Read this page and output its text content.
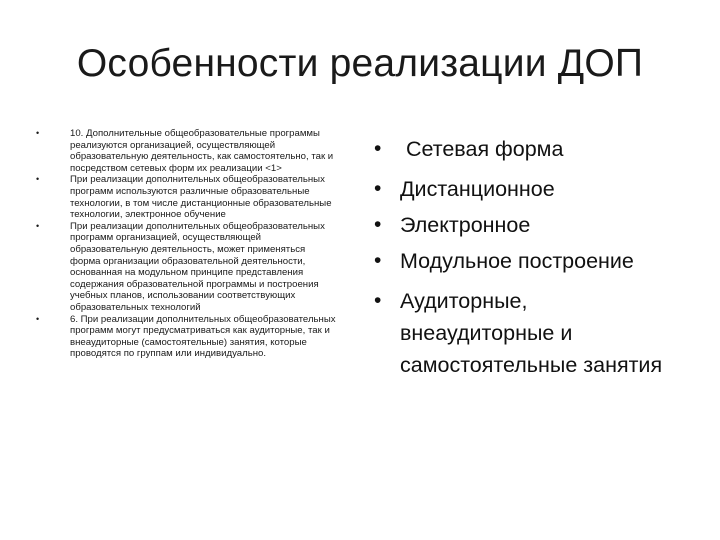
Особенности реализации ДОП
•	10. Дополнительные общеобразовательные программы реализуются организацией, осуществляющей образовательную деятельность, как самостоятельно, так и посредством сетевых форм их реализации <1>
•	При реализации дополнительных общеобразовательных программ используются различные образовательные технологии, в том числе дистанционные образовательные технологии, электронное обучение
•	При реализации дополнительных общеобразовательных программ организацией, осуществляющей образовательную деятельность, может применяться форма организации образовательной деятельности, основанная на модульном принципе представления содержания образовательной программы и построения учебных планов, использовании соответствующих образовательных технологий
•	6. При реализации дополнительных общеобразовательных программ могут предусматриваться как аудиторные, так и внеаудиторные (самостоятельные) занятия, которые проводятся по группам или индивидуально.
• Сетевая форма
• Дистанционное
• Электронное
• Модульное построение
• Аудиторные, внеаудиторные и самостоятельные занятия
